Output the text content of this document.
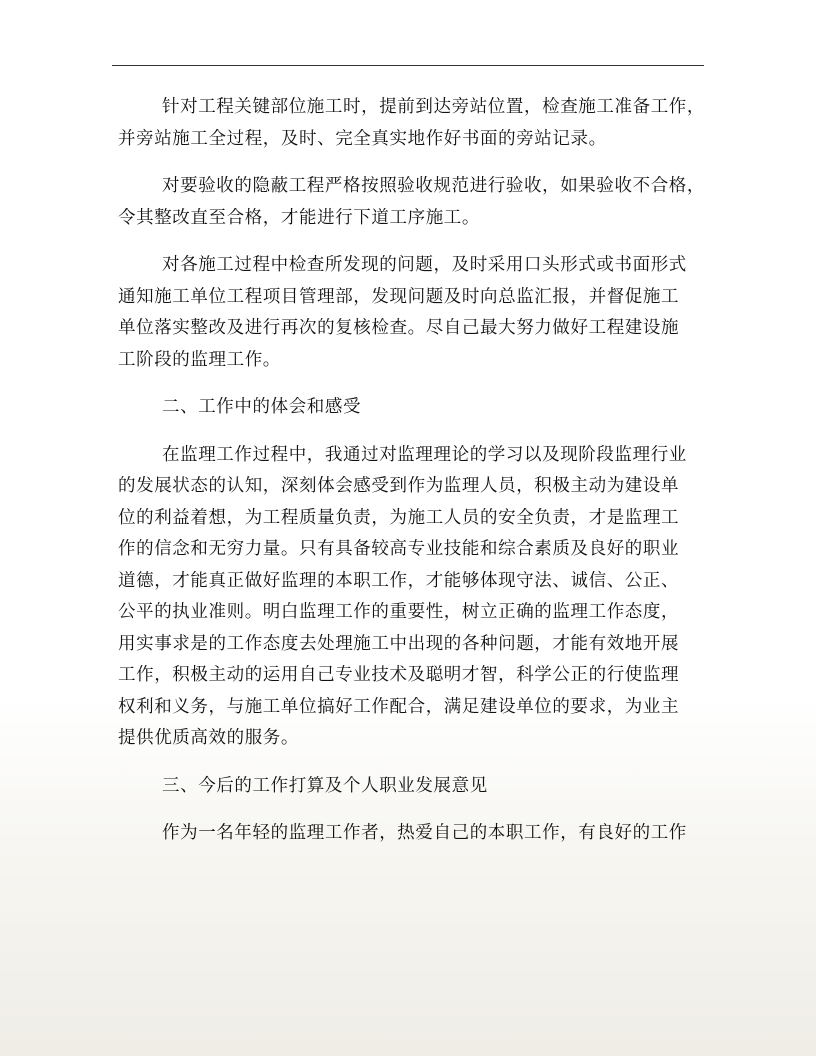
针对工程关键部位施工时，提前到达旁站位置，检查施工准备工作，
并旁站施工全过程，及时、完全真实地作好书面的旁站记录。

对要验收的隐蔽工程严格按照验收规范进行验收，如果验收不合格，
令其整改直至合格，才能进行下道工序施工。

对各施工过程中检查所发现的问题，及时采用口头形式或书面形式
通知施工单位工程项目管理部，发现问题及时向总监汇报，并督促施工
单位落实整改及进行再次的复核检查。尽自己最大努力做好工程建设施
工阶段的监理工作。

二、工作中的体会和感受

在监理工作过程中，我通过对监理理论的学习以及现阶段监理行业
的发展状态的认知，深刻体会感受到作为监理人员，积极主动为建设单
位的利益着想，为工程质量负责，为施工人员的安全负责，才是监理工
作的信念和无穷力量。只有具备较高专业技能和综合素质及良好的职业
道德，才能真正做好监理的本职工作，才能够体现守法、诚信、公正、
公平的执业准则。明白监理工作的重要性，树立正确的监理工作态度，
用实事求是的工作态度去处理施工中出现的各种问题，才能有效地开展
工作，积极主动的运用自己专业技术及聪明才智，科学公正的行使监理
权利和义务，与施工单位搞好工作配合，满足建设单位的要求，为业主
提供优质高效的服务。

三、今后的工作打算及个人职业发展意见

作为一名年轻的监理工作者，热爱自己的本职工作，有良好的工作
